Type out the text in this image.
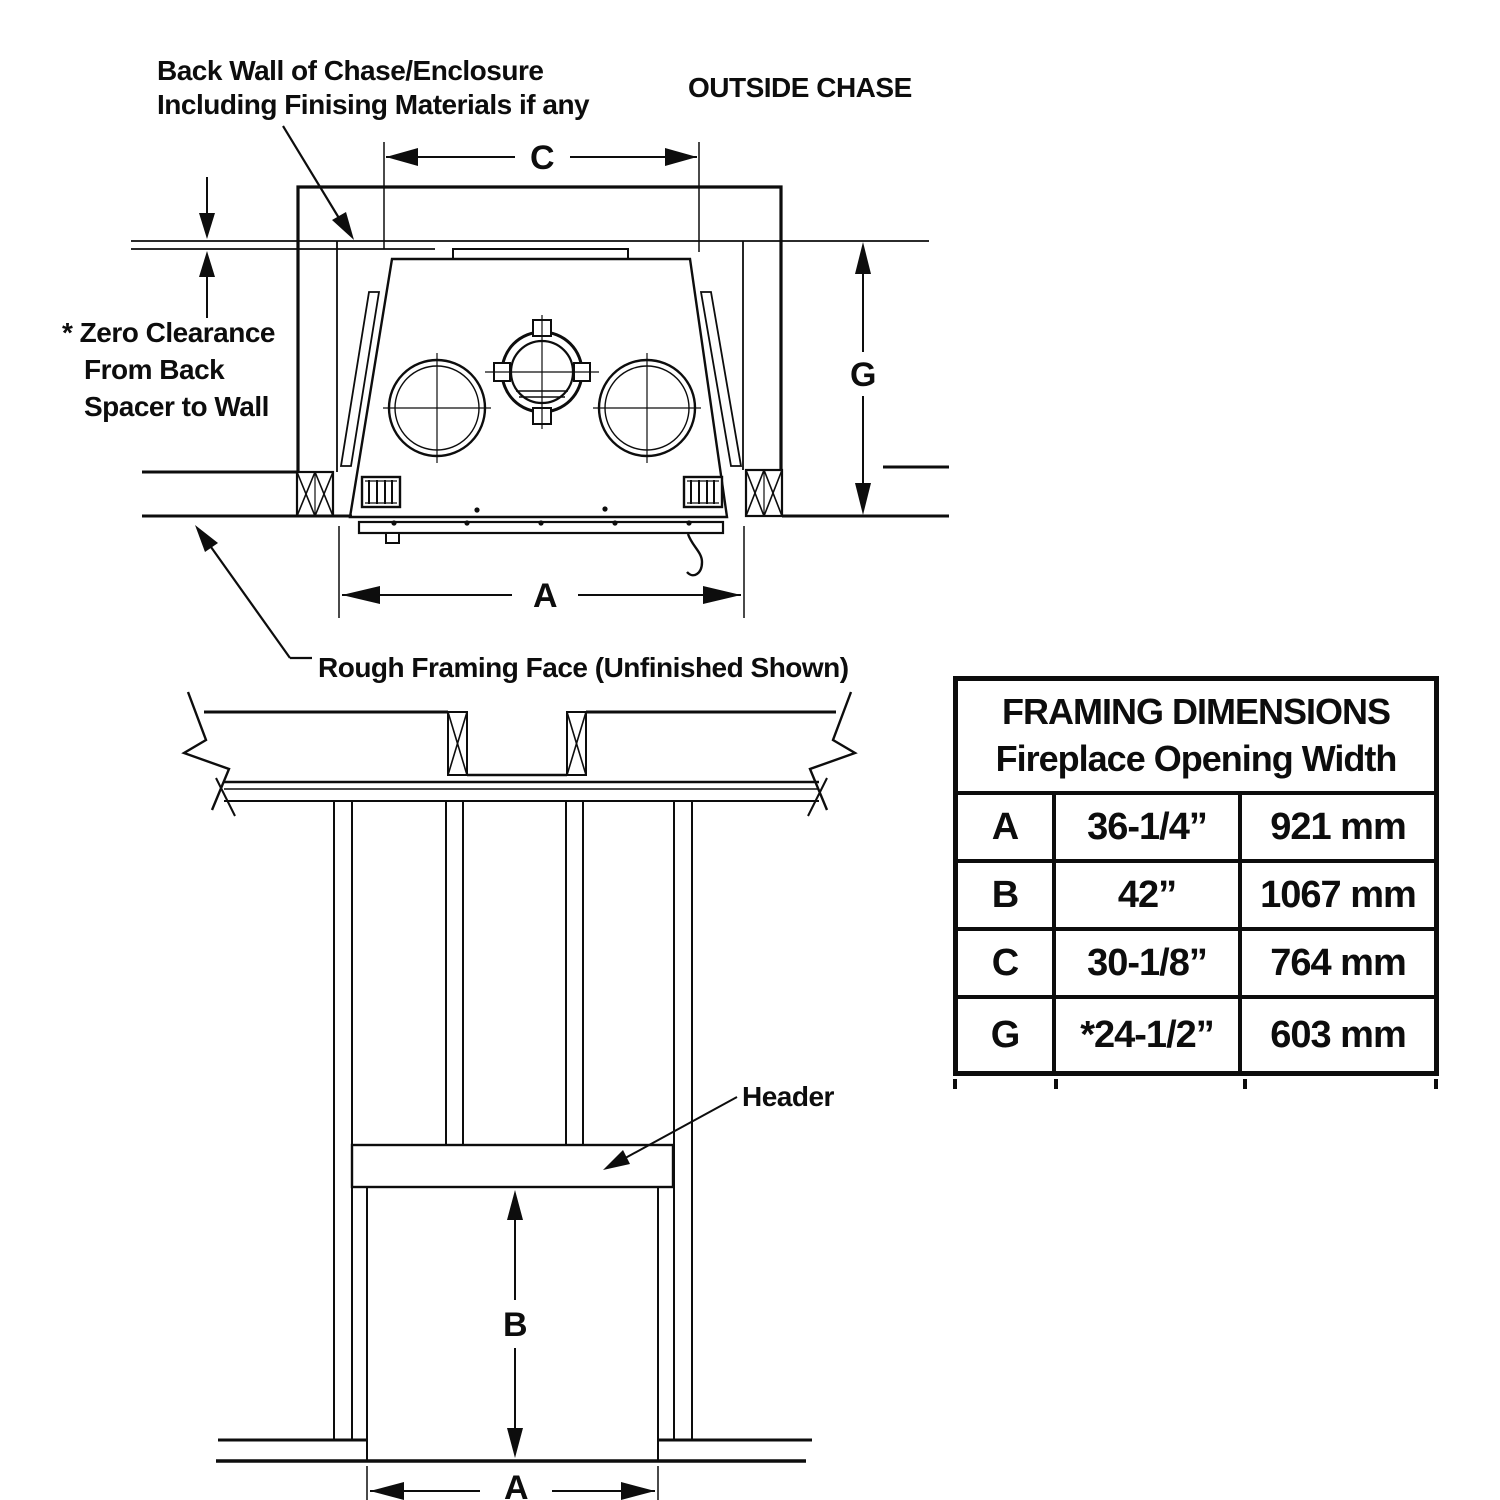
Back Wall of Chase/Enclosure
Including Finising Materials if any
OUTSIDE CHASE
C
* Zero Clearance
From Back
Spacer to Wall
G
A
Rough Framing Face (Unfinished Shown)
Header
B
A
FRAMING DIMENSIONS
Fireplace Opening Width
A	36-1/4”	921 mm
B	42”	1067 mm
C	30-1/8”	764 mm
G	*24-1/2”	603 mm
